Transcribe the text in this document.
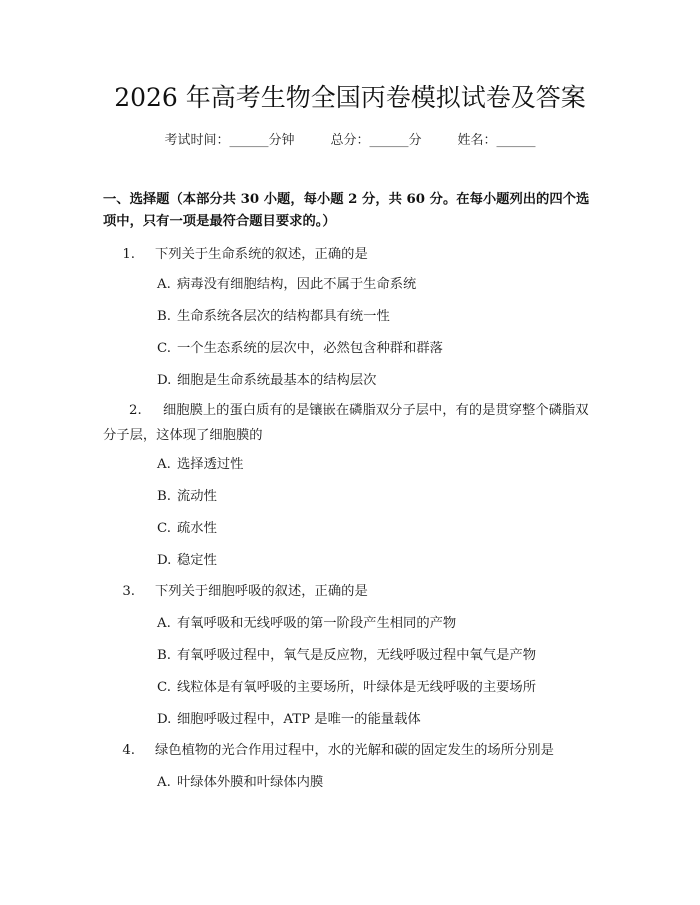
2026 年高考生物全国丙卷模拟试卷及答案
考试时间：______分钟	总分：______分	姓名：______
一、选择题（本部分共 30 小题，每小题 2 分，共 60 分。在每小题列出的四个选项中，只有一项是最符合题目要求的。）
1. 下列关于生命系统的叙述，正确的是
A. 病毒没有细胞结构，因此不属于生命系统
B. 生命系统各层次的结构都具有统一性
C. 一个生态系统的层次中，必然包含种群和群落
D. 细胞是生命系统最基本的结构层次
2. 细胞膜上的蛋白质有的是镶嵌在磷脂双分子层中，有的是贯穿整个磷脂双分子层，这体现了细胞膜的
A. 选择透过性
B. 流动性
C. 疏水性
D. 稳定性
3. 下列关于细胞呼吸的叙述，正确的是
A. 有氧呼吸和无线呼吸的第一阶段产生相同的产物
B. 有氧呼吸过程中，氧气是反应物，无线呼吸过程中氧气是产物
C. 线粒体是有氧呼吸的主要场所，叶绿体是无线呼吸的主要场所
D. 细胞呼吸过程中，ATP 是唯一的能量载体
4. 绿色植物的光合作用过程中，水的光解和碳的固定发生的场所分别是
A. 叶绿体外膜和叶绿体内膜
